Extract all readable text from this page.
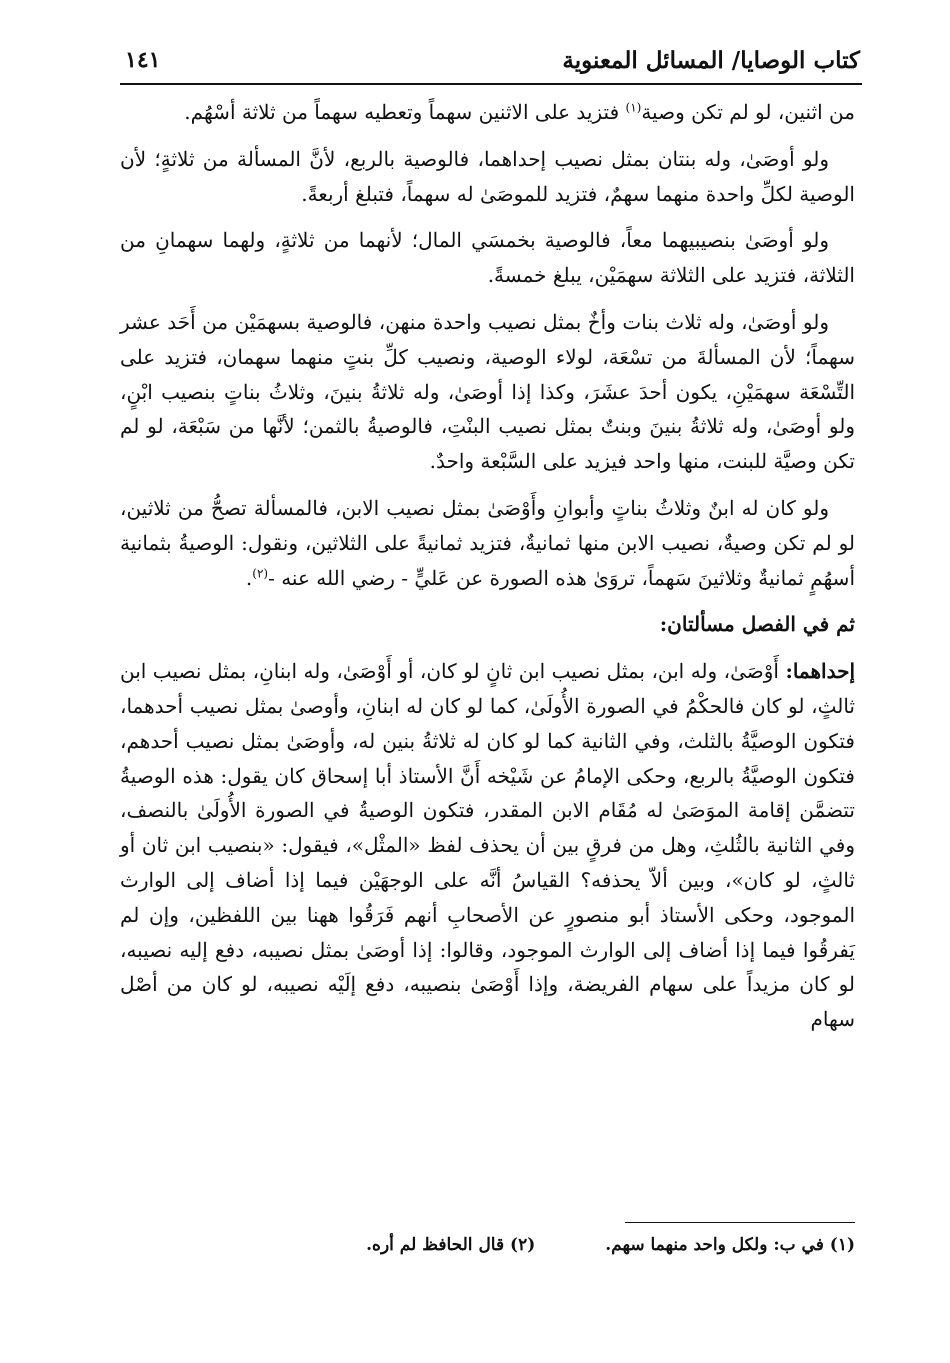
كتاب الوصايا/ المسائل المعنوية
١٤١

من اثنين، لو لم تكن وصية$^{(١)}$ فتزيد على الاثنين سهماً وتعطيه سهماً من ثلاثة أسْهُم.

ولو أوصَىٰ، وله بنتان بمثل نصيب إحداهما، فالوصية بالربع، لأنَّ المسألة من ثلاثةٍ؛ لأن الوصية لكلِّ واحدة منهما سهمٌ، فتزيد للموصَىٰ له سهماً، فتبلغ أربعةً.

ولو أوصَىٰ بنصيبيهما معاً، فالوصية بخمسَي المال؛ لأنهما من ثلاثةٍ، ولهما سهمانِ من الثلاثة، فتزيد على الثلاثة سهمَيْن، يبلغ خمسةً.

ولو أوصَىٰ، وله ثلاث بنات وأخٌ بمثل نصيب واحدة منهن، فالوصية بسهمَيْن من أَحَد عشر سهماً؛ لأن المسألةَ من تسْعَة، لولاء الوصية، ونصيب كلِّ بنتٍ منهما سهمان، فتزيد على التِّسْعَة سهمَيْنِ، يكون أحدَ عشَرَ، وكذا إذا أوصَىٰ، وله ثلاثةُ بنينَ، وثلاثُ بناتٍ بنصيب ابْنٍ، ولو أوصَىٰ، وله ثلاثةُ بنينَ وبنتٌ بمثل نصيب البنْتِ، فالوصيةُ بالثمن؛ لأنَّها من سَبْعَة، لو لم تكن وصيَّة للبنت، منها واحد فيزيد على السَّبْعة واحدٌ.

ولو كان له ابنٌ وثلاثُ بناتٍ وأبوانِ وأَوْصَىٰ بمثل نصيب الابن، فالمسألة تصحُّ من ثلاثين، لو لم تكن وصيةٌ، نصيب الابن منها ثمانيةٌ، فتزيد ثمانيةً على الثلاثين، ونقول: الوصيةُ بثمانية أسهُمٍ ثمانيةٌ وثلاثينَ سَهماً، تروَىٰ هذه الصورة عن عَليٍّ - رضي الله عنه -$^{(٢)}$.

ثم في الفصل مسألتان:

إحداهما: أَوْصَىٰ، وله ابن، بمثل نصيب ابن ثانٍ لو كان، أو أَوْصَىٰ، وله ابنانِ، بمثل نصيب ابن ثالثٍ، لو كان فالحكْمُ في الصورة الأُولَىٰ، كما لو كان له ابنانِ، وأوصىٰ بمثل نصيب أحدهما، فتكون الوصيَّةُ بالثلث، وفي الثانية كما لو كان له ثلاثةُ بنين له، وأوصَىٰ بمثل نصيب أحدهم، فتكون الوصيَّةُ بالربع، وحكى الإمامُ عن شَيْخه أَنَّ الأستاذ أبا إسحاق كان يقول: هذه الوصيةُ تتضمَّن إقامة الموَصَىٰ له مُقَام الابن المقدر، فتكون الوصيةُ في الصورة الأُولَىٰ بالنصف، وفي الثانية بالثُلثِ، وهل من فرقٍ بين أن يحذف لفظ «المثْل»، فيقول: «بنصيب ابن ثان أو ثالثٍ، لو كان»، وبين ألاّ يحذفه؟ القياسُ أنَّه على الوجهَيْن فيما إذا أضاف إلى الوارث الموجود، وحكى الأستاذ أبو منصورٍ عن الأصحابِ أنهم فَرَقُوا ههنا بين اللفظين، وإن لم يَفرقُوا فيما إذا أضاف إلى الوارث الموجود، وقالوا: إذا أوصَىٰ بمثل نصيبه، دفع إليه نصيبه، لو كان مزيداً على سهام الفريضة، وإذا أَوْصَىٰ بنصيبه، دفع إلَيْه نصيبه، لو كان من أصْل سهام

(١) في ب: ولكل واحد منهما سهم.
(٢) قال الحافظ لم أره.
